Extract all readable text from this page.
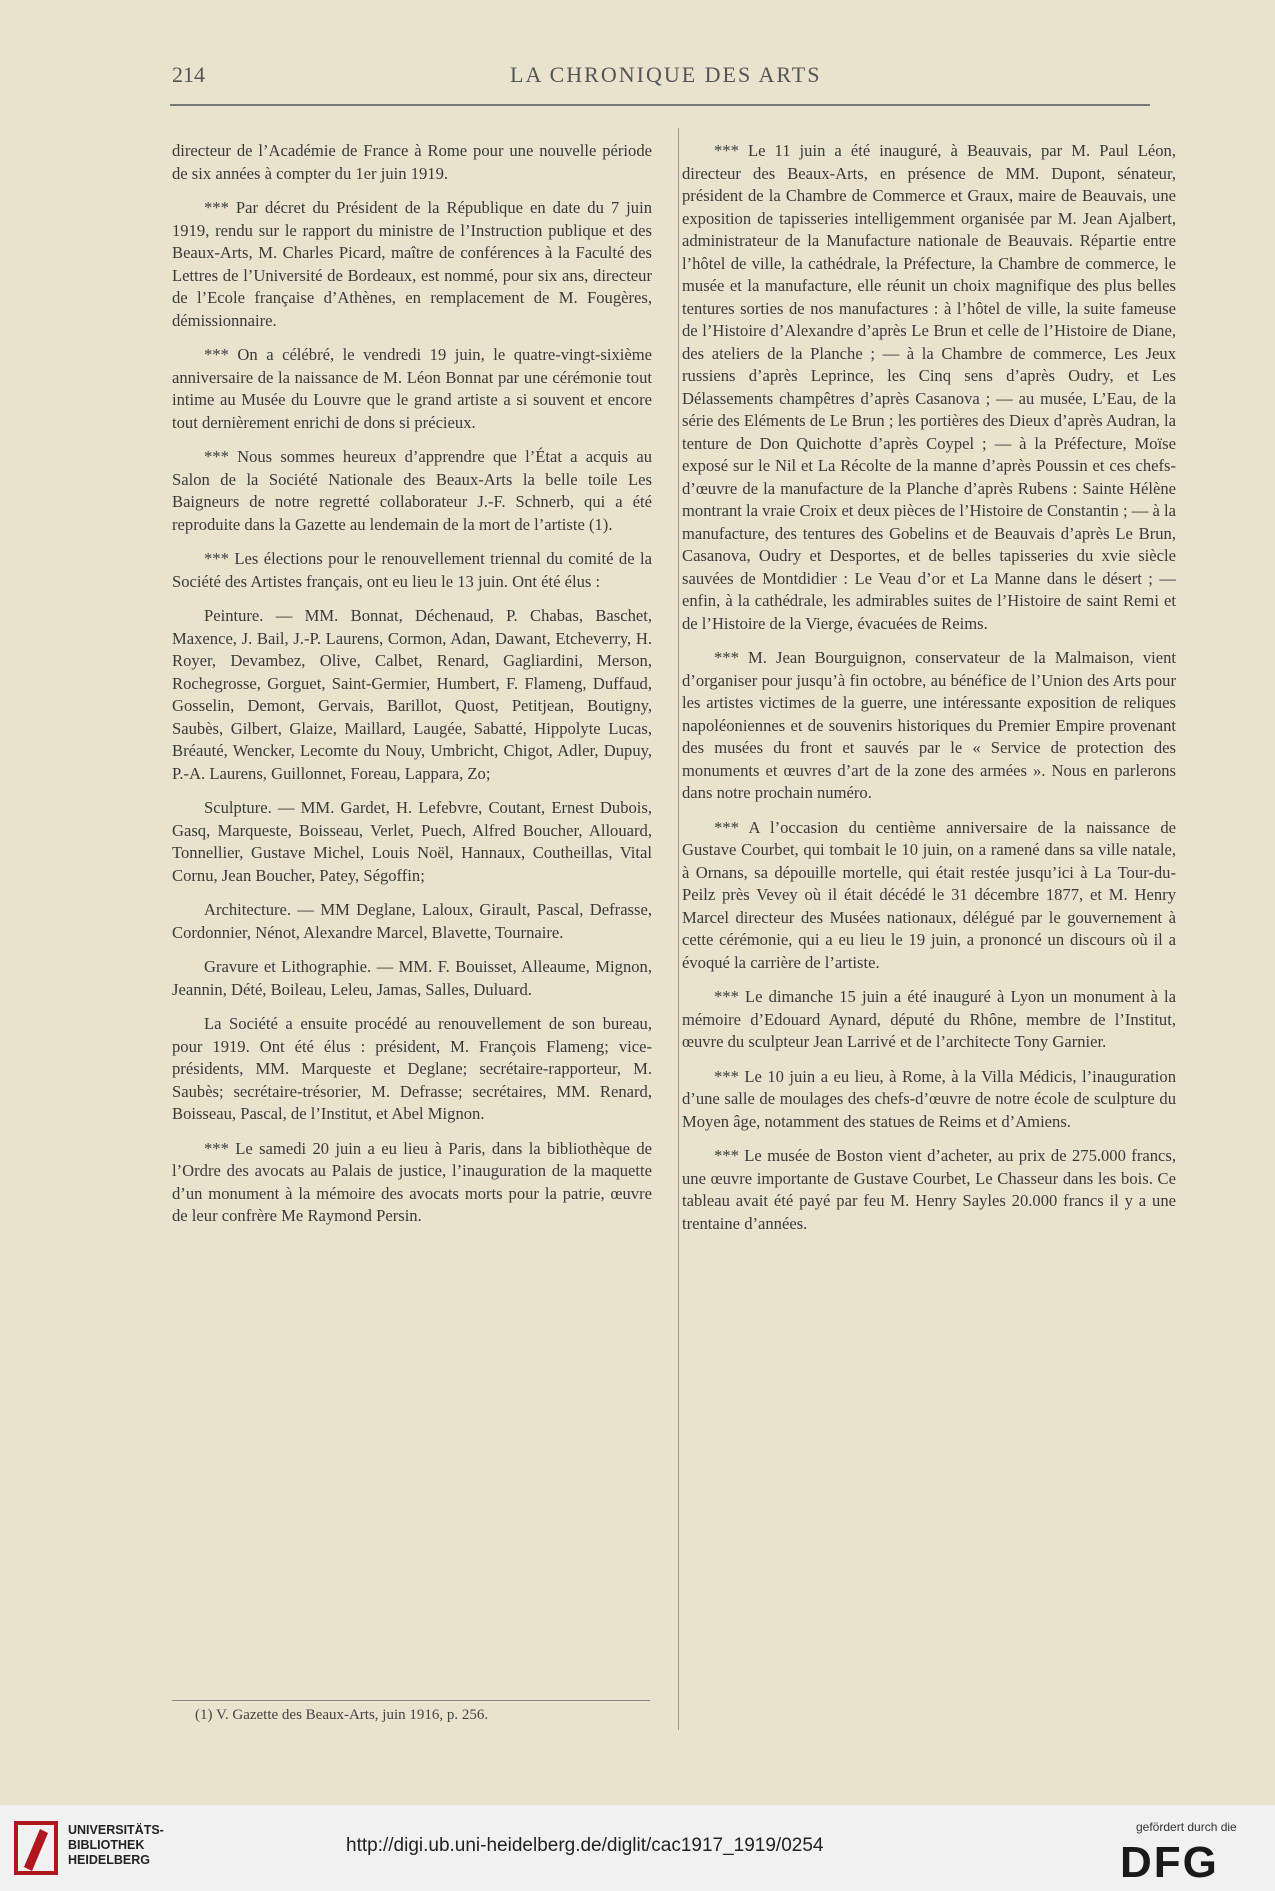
214	LA CHRONIQUE DES ARTS

directeur de l’Académie de France à Rome pour une nouvelle période de six années à compter du 1er juin 1919.

*** Par décret du Président de la République en date du 7 juin 1919, rendu sur le rapport du ministre de l’Instruction publique et des Beaux-Arts, M. Charles Picard, maître de conférences à la Faculté des Lettres de l’Université de Bordeaux, est nommé, pour six ans, directeur de l’Ecole française d’Athènes, en remplacement de M. Fougères, démissionnaire.

*** On a célébré, le vendredi 19 juin, le quatre-vingt-sixième anniversaire de la naissance de M. Léon Bonnat par une cérémonie tout intime au Musée du Louvre que le grand artiste a si souvent et encore tout dernièrement enrichi de dons si précieux.

*** Nous sommes heureux d’apprendre que l’État a acquis au Salon de la Société Nationale des Beaux-Arts la belle toile Les Baigneurs de notre regretté collaborateur J.-F. Schnerb, qui a été reproduite dans la Gazette au lendemain de la mort de l’artiste (1).

*** Les élections pour le renouvellement triennal du comité de la Société des Artistes français, ont eu lieu le 13 juin. Ont été élus :

Peinture. — MM. Bonnat, Déchenaud, P. Chabas, Baschet, Maxence, J. Bail, J.-P. Laurens, Cormon, Adan, Dawant, Etcheverry, H. Royer, Devambez, Olive, Calbet, Renard, Gagliardini, Merson, Rochegrosse, Gorguet, Saint-Germier, Humbert, F. Flameng, Duffaud, Gosselin, Demont, Gervais, Barillot, Quost, Petitjean, Boutigny, Saubès, Gilbert, Glaize, Maillard, Laugée, Sabatté, Hippolyte Lucas, Bréauté, Wencker, Lecomte du Nouy, Umbricht, Chigot, Adler, Dupuy, P.-A. Laurens, Guillonnet, Foreau, Lappara, Zo;

Sculpture. — MM. Gardet, H. Lefebvre, Coutant, Ernest Dubois, Gasq, Marqueste, Boisseau, Verlet, Puech, Alfred Boucher, Allouard, Tonnellier, Gustave Michel, Louis Noël, Hannaux, Coutheillas, Vital Cornu, Jean Boucher, Patey, Ségoffin;

Architecture. — MM Deglane, Laloux, Girault, Pascal, Defrasse, Cordonnier, Nénot, Alexandre Marcel, Blavette, Tournaire.

Gravure et Lithographie. — MM. F. Bouisset, Alleaume, Mignon, Jeannin, Dété, Boileau, Leleu, Jamas, Salles, Duluard.

La Société a ensuite procédé au renouvellement de son bureau, pour 1919. Ont été élus : président, M. François Flameng; vice-présidents, MM. Marqueste et Deglane; secrétaire-rapporteur, M. Saubès; secrétaire-trésorier, M. Defrasse; secrétaires, MM. Renard, Boisseau, Pascal, de l’Institut, et Abel Mignon.

*** Le samedi 20 juin a eu lieu à Paris, dans la bibliothèque de l’Ordre des avocats au Palais de justice, l’inauguration de la maquette d’un monument à la mémoire des avocats morts pour la patrie, œuvre de leur confrère Me Raymond Persin.

*** Le 11 juin a été inauguré, à Beauvais, par M. Paul Léon, directeur des Beaux-Arts, en présence de MM. Dupont, sénateur, président de la Chambre de Commerce et Graux, maire de Beauvais, une exposition de tapisseries intelligemment organisée par M. Jean Ajalbert, administrateur de la Manufacture nationale de Beauvais. Répartie entre l’hôtel de ville, la cathédrale, la Préfecture, la Chambre de commerce, le musée et la manufacture, elle réunit un choix magnifique des plus belles tentures sorties de nos manufactures : à l’hôtel de ville, la suite fameuse de l’Histoire d’Alexandre d’après Le Brun et celle de l’Histoire de Diane, des ateliers de la Planche ; — à la Chambre de commerce, Les Jeux russiens d’après Leprince, les Cinq sens d’après Oudry, et Les Délassements champêtres d’après Casanova ; — au musée, L’Eau, de la série des Eléments de Le Brun ; les portières des Dieux d’après Audran, la tenture de Don Quichotte d’après Coypel ; — à la Préfecture, Moïse exposé sur le Nil et La Récolte de la manne d’après Poussin et ces chefs-d’œuvre de la manufacture de la Planche d’après Rubens : Sainte Hélène montrant la vraie Croix et deux pièces de l’Histoire de Constantin ; — à la manufacture, des tentures des Gobelins et de Beauvais d’après Le Brun, Casanova, Oudry et Desportes, et de belles tapisseries du xvie siècle sauvées de Montdidier : Le Veau d’or et La Manne dans le désert ; — enfin, à la cathédrale, les admirables suites de l’Histoire de saint Remi et de l’Histoire de la Vierge, évacuées de Reims.

*** M. Jean Bourguignon, conservateur de la Malmaison, vient d’organiser pour jusqu’à fin octobre, au bénéfice de l’Union des Arts pour les artistes victimes de la guerre, une intéressante exposition de reliques napoléoniennes et de souvenirs historiques du Premier Empire provenant des musées du front et sauvés par le « Service de protection des monuments et œuvres d’art de la zone des armées ». Nous en parlerons dans notre prochain numéro.

*** A l’occasion du centième anniversaire de la naissance de Gustave Courbet, qui tombait le 10 juin, on a ramené dans sa ville natale, à Ornans, sa dépouille mortelle, qui était restée jusqu’ici à La Tour-du-Peilz près Vevey où il était décédé le 31 décembre 1877, et M. Henry Marcel directeur des Musées nationaux, délégué par le gouvernement à cette cérémonie, qui a eu lieu le 19 juin, a prononcé un discours où il a évoqué la carrière de l’artiste.

*** Le dimanche 15 juin a été inauguré à Lyon un monument à la mémoire d’Edouard Aynard, député du Rhône, membre de l’Institut, œuvre du sculpteur Jean Larrivé et de l’architecte Tony Garnier.

*** Le 10 juin a eu lieu, à Rome, à la Villa Médicis, l’inauguration d’une salle de moulages des chefs-d’œuvre de notre école de sculpture du Moyen âge, notamment des statues de Reims et d’Amiens.

*** Le musée de Boston vient d’acheter, au prix de 275.000 francs, une œuvre importante de Gustave Courbet, Le Chasseur dans les bois. Ce tableau avait été payé par feu M. Henry Sayles 20.000 francs il y a une trentaine d’années.

(1) V. Gazette des Beaux-Arts, juin 1916, p. 256.
UNIVERSITÄTS-
BIBLIOTHEK
HEIDELBERG
http://digi.ub.uni-heidelberg.de/diglit/cac1917_1919/0254
gefördert durch die
DFG
